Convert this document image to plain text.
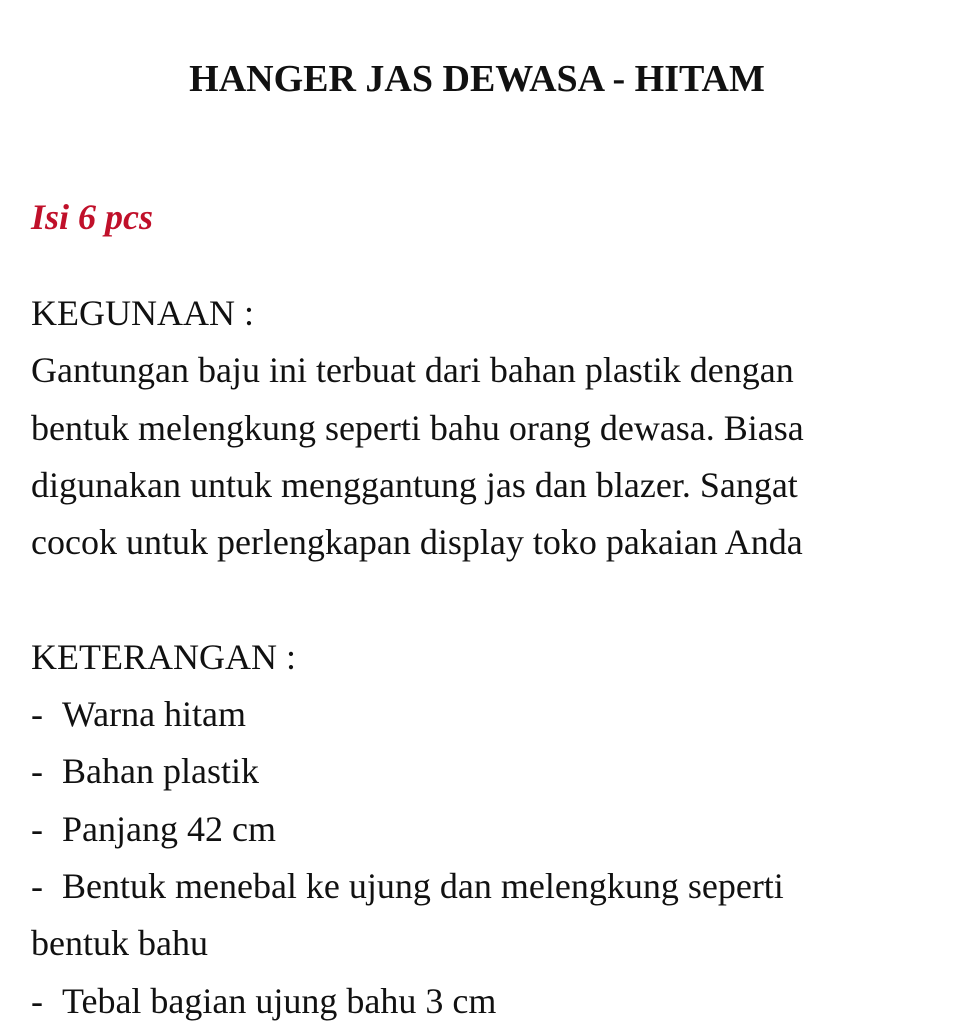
HANGER JAS DEWASA - HITAM

Isi 6 pcs

KEGUNAAN :
Gantungan baju ini terbuat dari bahan plastik dengan
bentuk melengkung seperti bahu orang dewasa. Biasa
digunakan untuk menggantung jas dan blazer. Sangat
cocok untuk perlengkapan display toko pakaian Anda
KETERANGAN :
- Warna hitam
- Bahan plastik
- Panjang 42 cm
- Bentuk menebal ke ujung dan melengkung seperti
bentuk bahu
- Tebal bagian ujung bahu 3 cm
